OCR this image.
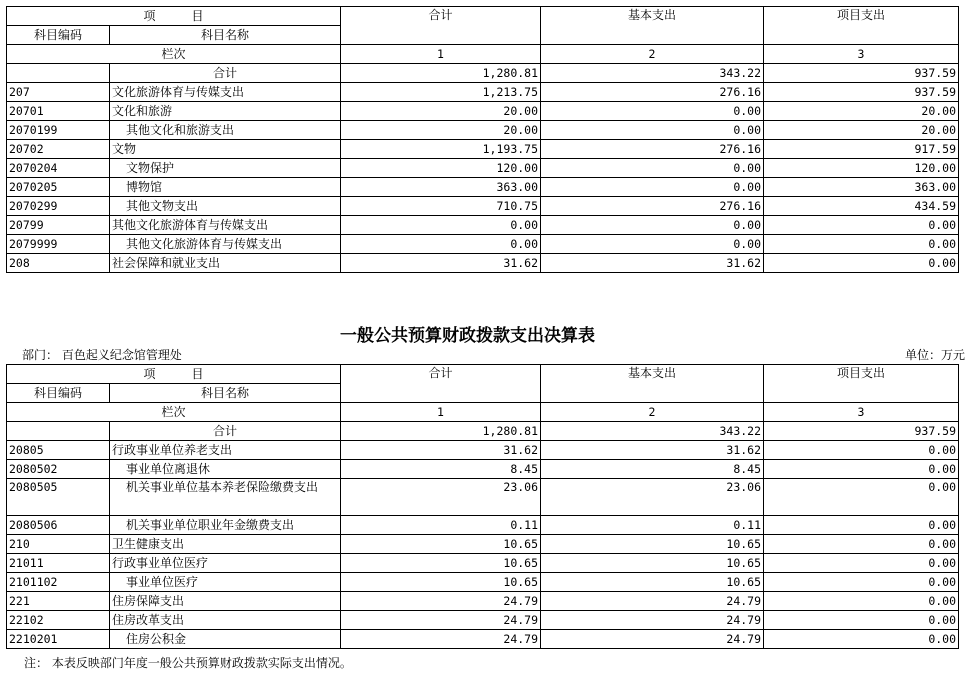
项　　　目		合计	基本支出	项目支出
科目编码	科目名称			
栏次		1	2	3
	合计	1,280.81	343.22	937.59
207	文化旅游体育与传媒支出	1,213.75	276.16	937.59
20701	文化和旅游	20.00	0.00	20.00
2070199	其他文化和旅游支出	20.00	0.00	20.00
20702	文物	1,193.75	276.16	917.59
2070204	文物保护	120.00	0.00	120.00
2070205	博物馆	363.00	0.00	363.00
2070299	其他文物支出	710.75	276.16	434.59
20799	其他文化旅游体育与传媒支出	0.00	0.00	0.00
2079999	其他文化旅游体育与传媒支出	0.00	0.00	0.00
208	社会保障和就业支出	31.62	31.62	0.00
一般公共预算财政拨款支出决算表
部门： 百色起义纪念馆管理处	单位：万元
项　　　目		合计	基本支出	项目支出
科目编码	科目名称			
栏次		1	2	3
	合计	1,280.81	343.22	937.59
20805	行政事业单位养老支出	31.62	31.62	0.00
2080502	事业单位离退休	8.45	8.45	0.00
2080505	机关事业单位基本养老保险缴费支出	23.06	23.06	0.00
2080506	机关事业单位职业年金缴费支出	0.11	0.11	0.00
210	卫生健康支出	10.65	10.65	0.00
21011	行政事业单位医疗	10.65	10.65	0.00
2101102	事业单位医疗	10.65	10.65	0.00
221	住房保障支出	24.79	24.79	0.00
22102	住房改革支出	24.79	24.79	0.00
2210201	住房公积金	24.79	24.79	0.00
注： 本表反映部门年度一般公共预算财政拨款实际支出情况。
